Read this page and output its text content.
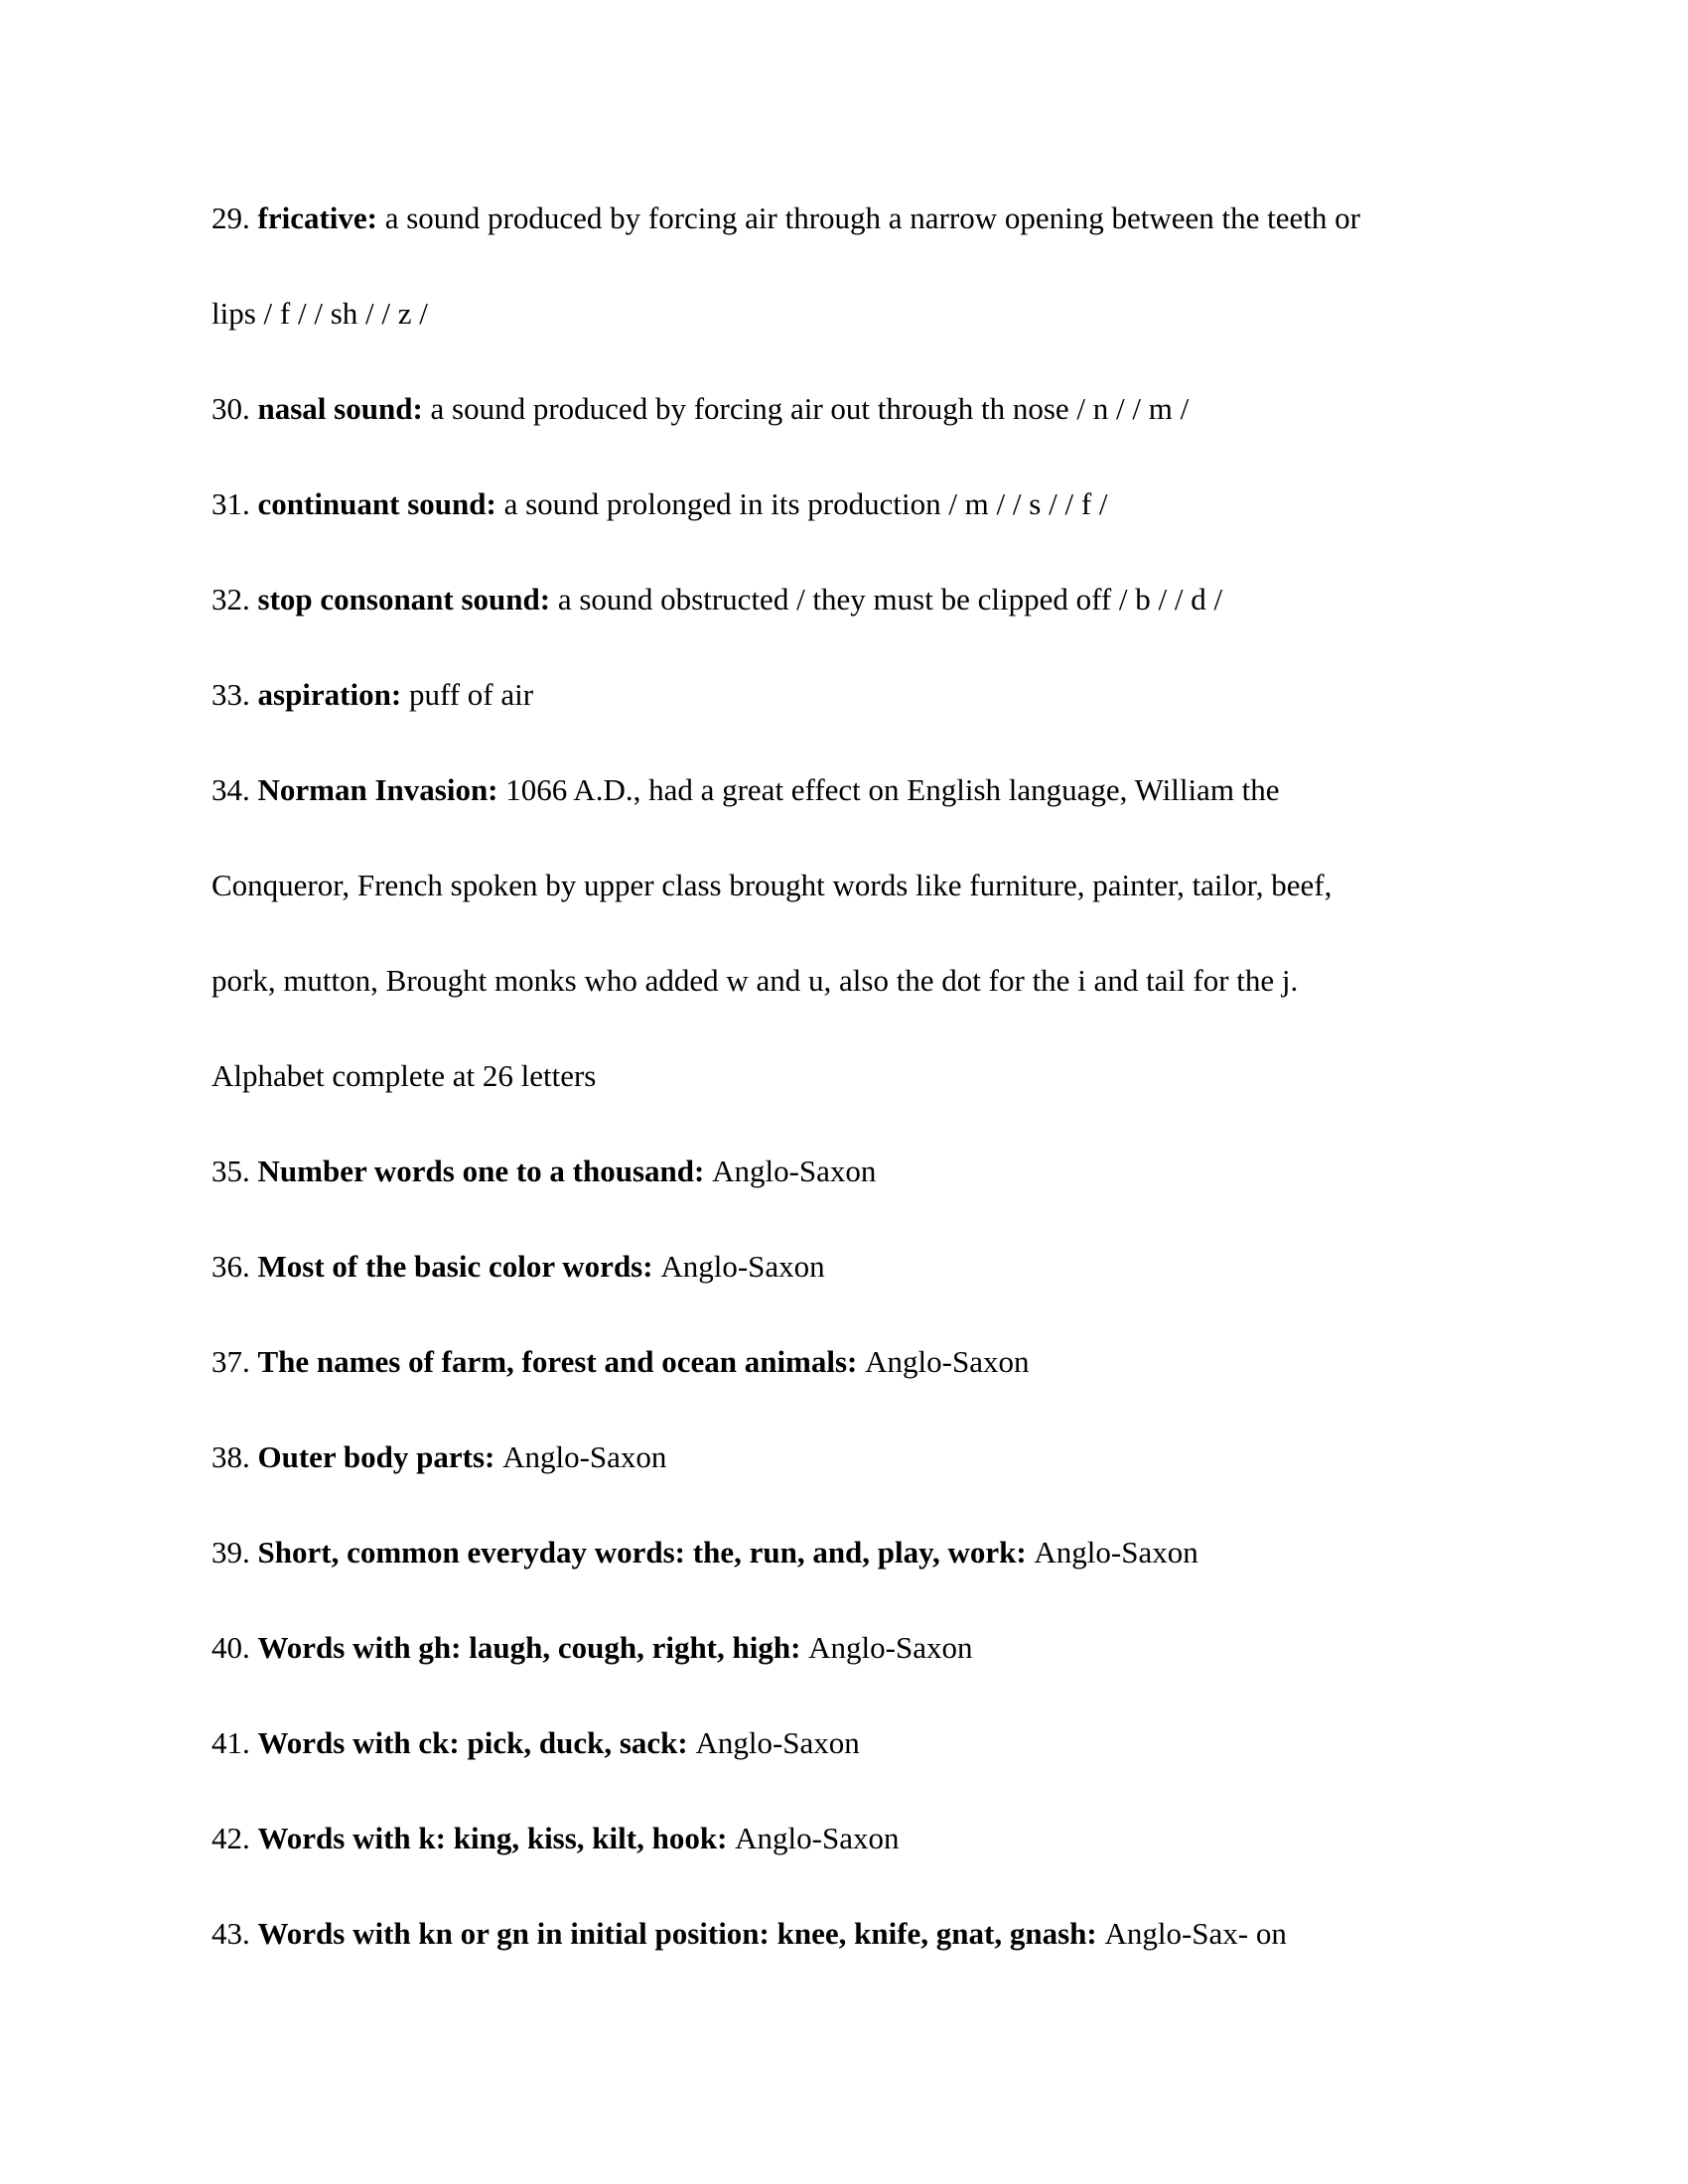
29. fricative: a sound produced by forcing air through a narrow opening between the teeth or

lips / f / / sh / / z /

30. nasal sound: a sound produced by forcing air out through th nose / n / / m /

31. continuant sound: a sound prolonged in its production / m / / s / / f /

32. stop consonant sound: a sound obstructed / they must be clipped off / b / / d /

33. aspiration: puff of air

34. Norman Invasion: 1066 A.D., had a great effect on English language, William the

Conqueror, French spoken by upper class brought words like furniture, painter, tailor, beef,

pork, mutton, Brought monks who added w and u, also the dot for the i and tail for the j.

Alphabet complete at 26 letters

35. Number words one to a thousand: Anglo-Saxon

36. Most of the basic color words: Anglo-Saxon

37. The names of farm, forest and ocean animals: Anglo-Saxon

38. Outer body parts: Anglo-Saxon

39. Short, common everyday words: the, run, and, play, work: Anglo-Saxon

40. Words with gh: laugh, cough, right, high: Anglo-Saxon

41. Words with ck: pick, duck, sack: Anglo-Saxon

42. Words with k: king, kiss, kilt, hook: Anglo-Saxon

43. Words with kn or gn in initial position: knee, knife, gnat, gnash: Anglo-Sax- on
